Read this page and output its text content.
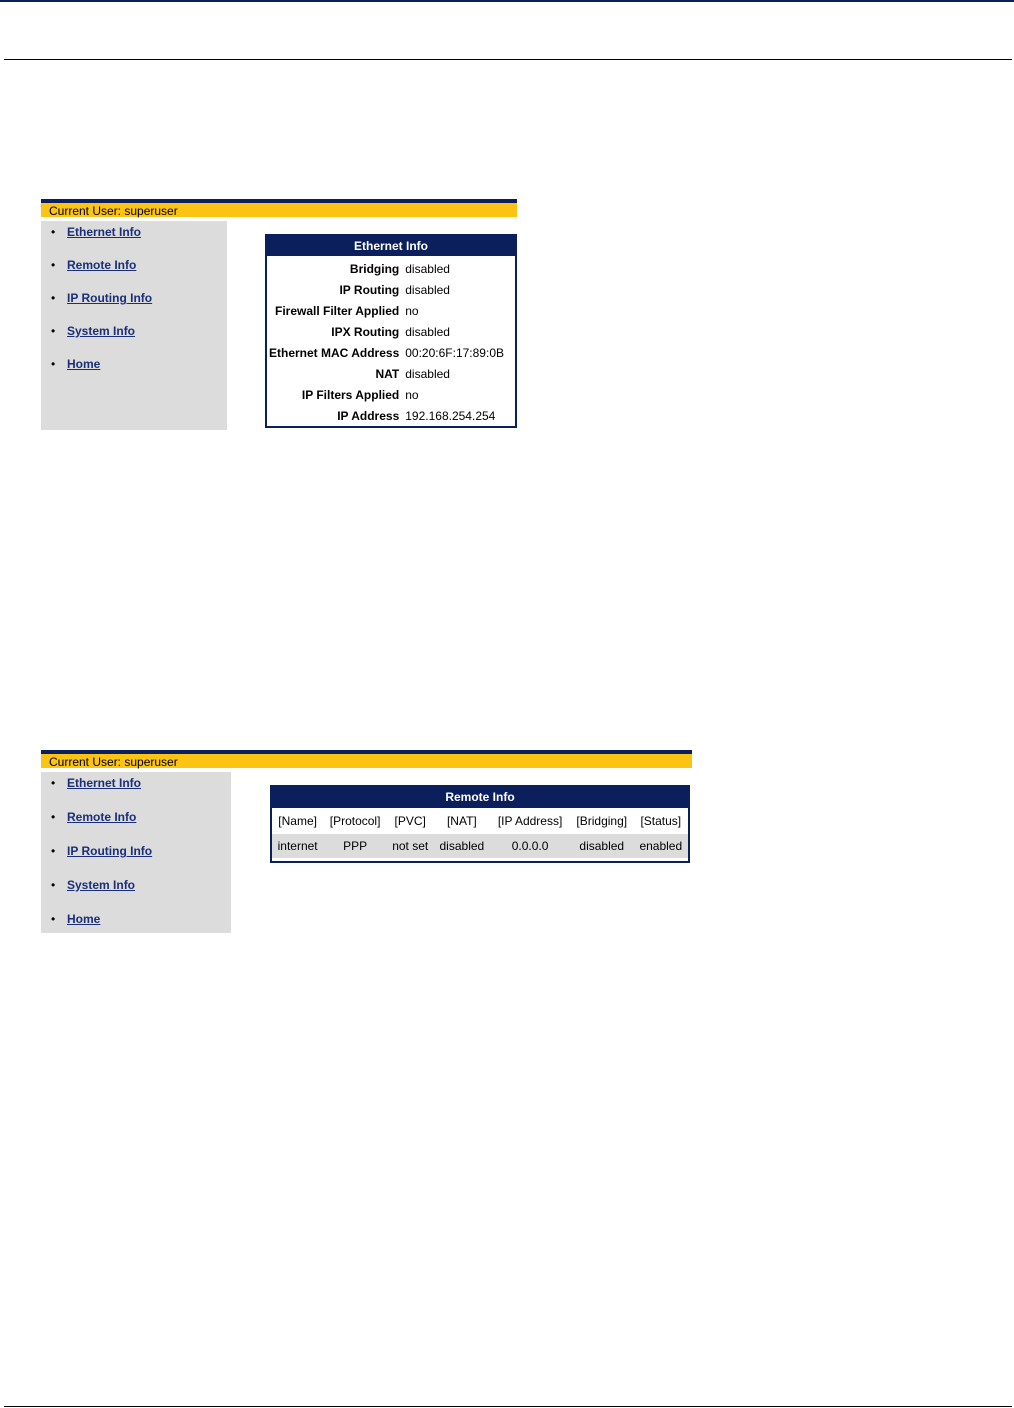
Current User: superuser
• Ethernet Info
• Remote Info
• IP Routing Info
• System Info
• Home
Ethernet Info
Bridging	disabled
IP Routing	disabled
Firewall Filter Applied	no
IPX Routing	disabled
Ethernet MAC Address	00:20:6F:17:89:0B
NAT	disabled
IP Filters Applied	no
IP Address	192.168.254.254
Current User: superuser
• Ethernet Info
• Remote Info
• IP Routing Info
• System Info
• Home
Remote Info
[Name]	[Protocol]	[PVC]	[NAT]	[IP Address]	[Bridging]	[Status]
internet	PPP	not set	disabled	0.0.0.0	disabled	enabled
